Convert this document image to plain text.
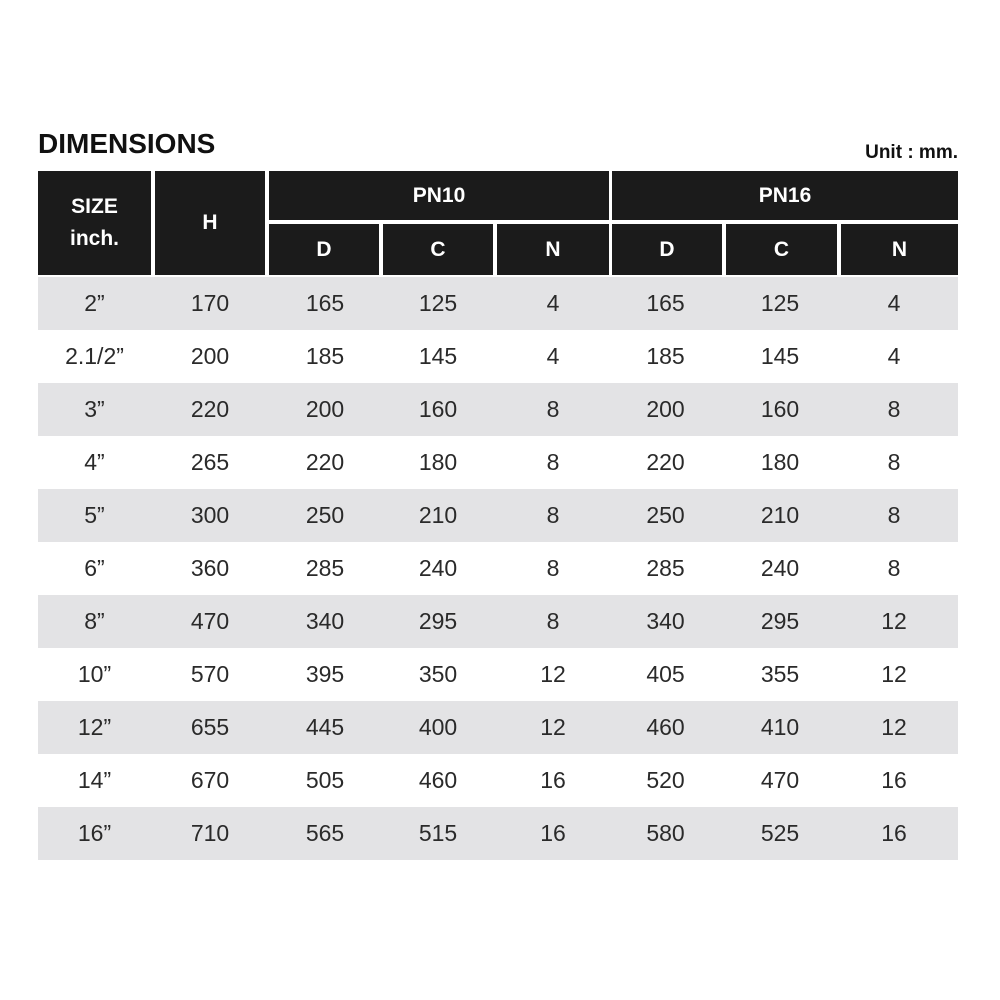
DIMENSIONS	Unit : mm.
SIZE
inch.
H
PN10	PN16
D	C	N	D	C	N
2”	170	165	125	4	165	125	4
2.1/2”	200	185	145	4	185	145	4
3”	220	200	160	8	200	160	8
4”	265	220	180	8	220	180	8
5”	300	250	210	8	250	210	8
6”	360	285	240	8	285	240	8
8”	470	340	295	8	340	295	12
10”	570	395	350	12	405	355	12
12”	655	445	400	12	460	410	12
14”	670	505	460	16	520	470	16
16”	710	565	515	16	580	525	16
